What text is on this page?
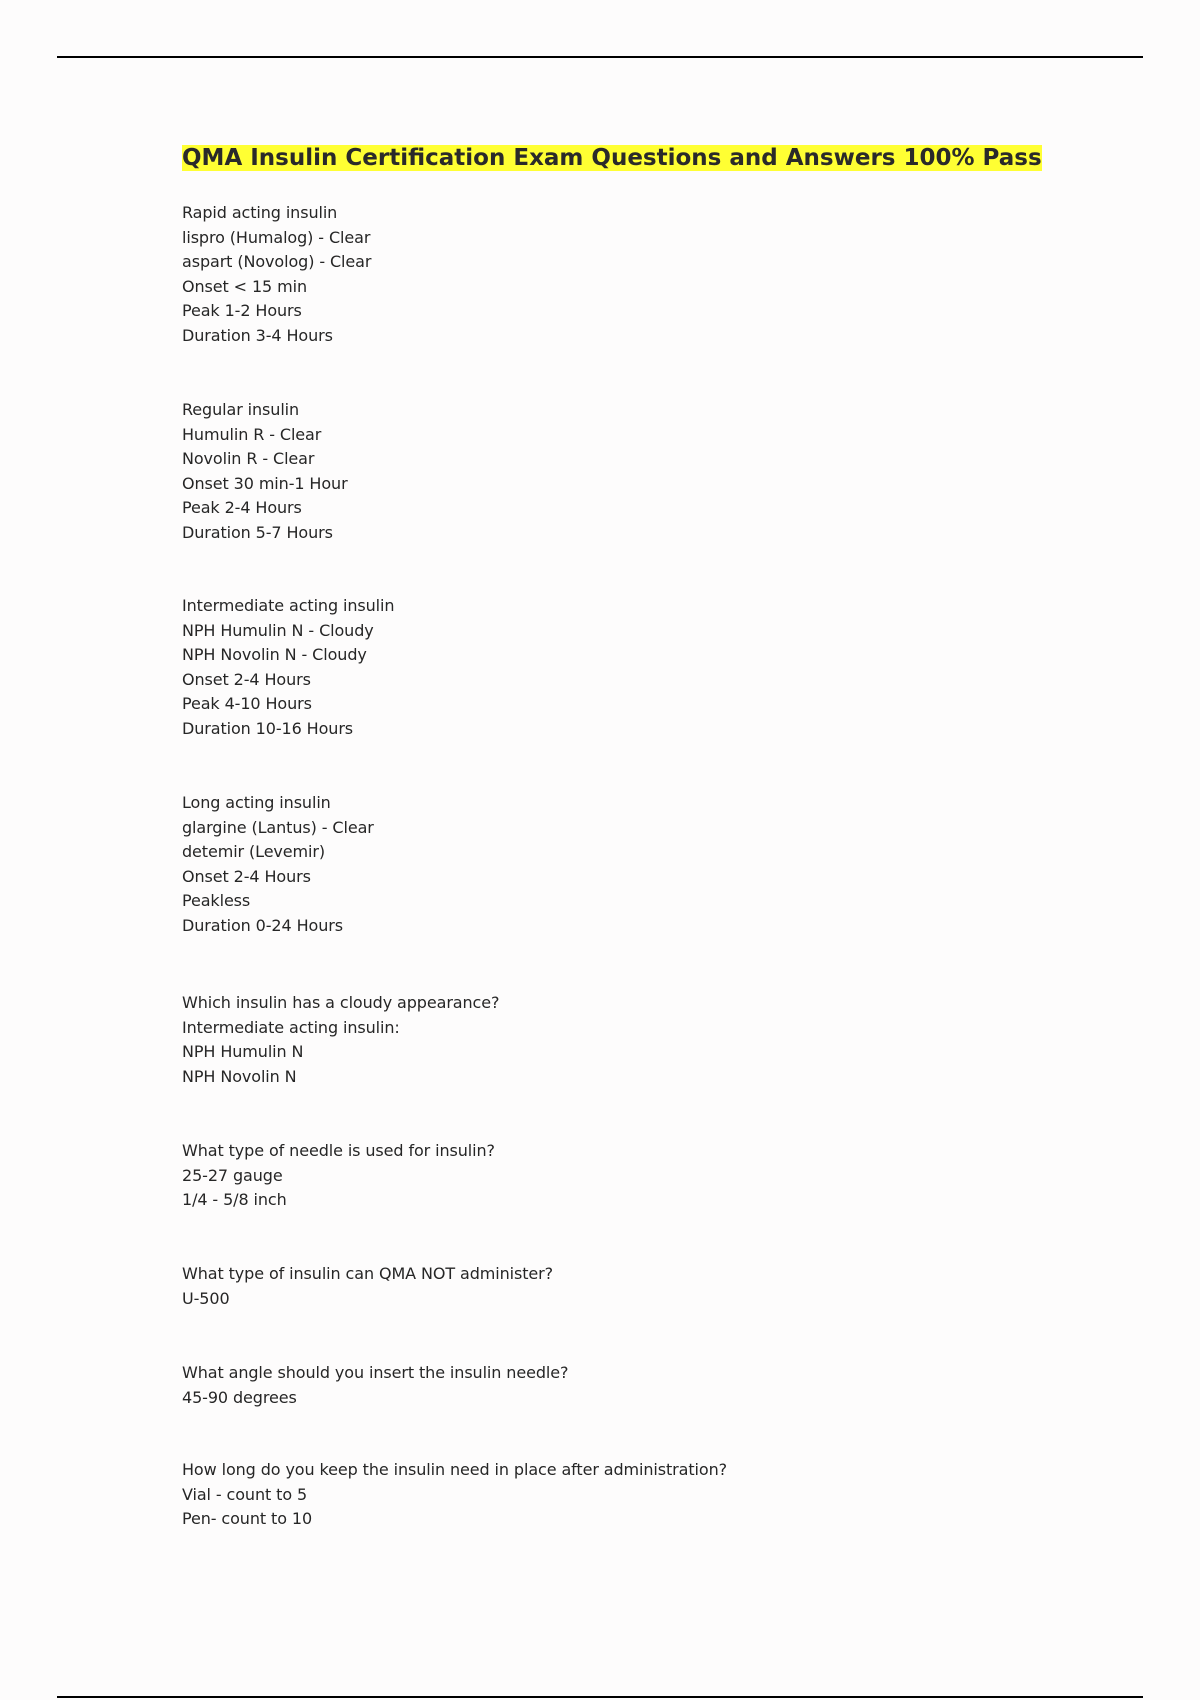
QMA Insulin Certification Exam Questions and Answers 100% Pass
Rapid acting insulin
lispro (Humalog) - Clear
aspart (Novolog) - Clear
Onset < 15 min
Peak 1-2 Hours
Duration 3-4 Hours
Regular insulin
Humulin R - Clear
Novolin R - Clear
Onset 30 min-1 Hour
Peak 2-4 Hours
Duration 5-7 Hours
Intermediate acting insulin
NPH Humulin N - Cloudy
NPH Novolin N - Cloudy
Onset 2-4 Hours
Peak 4-10 Hours
Duration 10-16 Hours
Long acting insulin
glargine (Lantus) - Clear
detemir (Levemir)
Onset 2-4 Hours
Peakless
Duration 0-24 Hours
Which insulin has a cloudy appearance?
Intermediate acting insulin:
NPH Humulin N
NPH Novolin N
What type of needle is used for insulin?
25-27 gauge
1/4 - 5/8 inch
What type of insulin can QMA NOT administer?
U-500
What angle should you insert the insulin needle?
45-90 degrees
How long do you keep the insulin need in place after administration?
Vial - count to 5
Pen- count to 10
